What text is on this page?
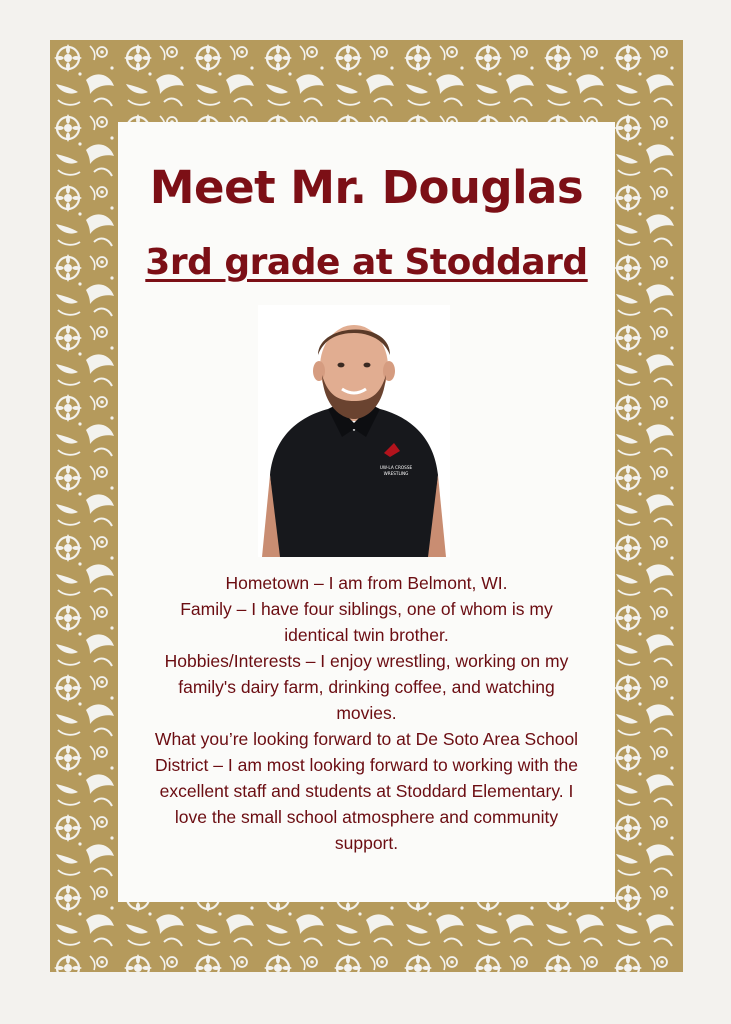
Meet Mr. Douglas
3rd grade at Stoddard
UW-LA CROSSE
WRESTLING

Hometown – I am from Belmont, WI.

Family – I have four siblings, one of whom is my identical twin brother.

Hobbies/Interests – I enjoy wrestling, working on my family's dairy farm, drinking coffee, and watching movies.

What you’re looking forward to at De Soto Area School District – I am most looking forward to working with the excellent staff and students at Stoddard Elementary. I love the small school atmosphere and community support.
